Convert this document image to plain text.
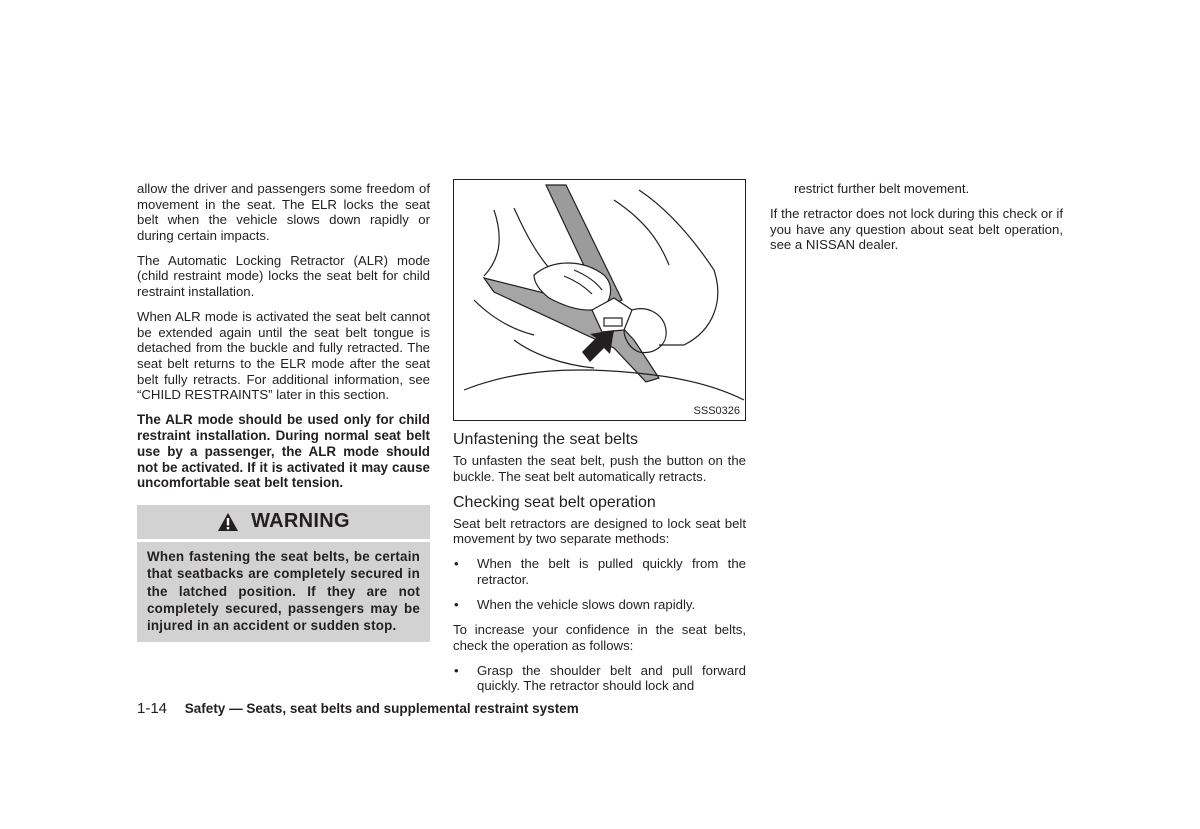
allow the driver and passengers some freedom of movement in the seat. The ELR locks the seat belt when the vehicle slows down rapidly or during certain impacts.

The Automatic Locking Retractor (ALR) mode (child restraint mode) locks the seat belt for child restraint installation.

When ALR mode is activated the seat belt cannot be extended again until the seat belt tongue is detached from the buckle and fully retracted. The seat belt returns to the ELR mode after the seat belt fully retracts. For additional information, see “CHILD RESTRAINTS” later in this section.

The ALR mode should be used only for child restraint installation. During normal seat belt use by a passenger, the ALR mode should not be activated. If it is activated it may cause uncomfortable seat belt tension.

WARNING
When fastening the seat belts, be certain that seatbacks are completely secured in the latched position. If they are not completely secured, passengers may be injured in an accident or sudden stop.
SSS0326
Unfastening the seat belts

To unfasten the seat belt, push the button on the buckle. The seat belt automatically retracts.

Checking seat belt operation

Seat belt retractors are designed to lock seat belt movement by two separate methods:

• When the belt is pulled quickly from the retractor.
• When the vehicle slows down rapidly.

To increase your confidence in the seat belts, check the operation as follows:

• Grasp the shoulder belt and pull forward quickly. The retractor should lock and

restrict further belt movement.

If the retractor does not lock during this check or if you have any question about seat belt operation, see a NISSAN dealer.

1-14 Safety — Seats, seat belts and supplemental restraint system
